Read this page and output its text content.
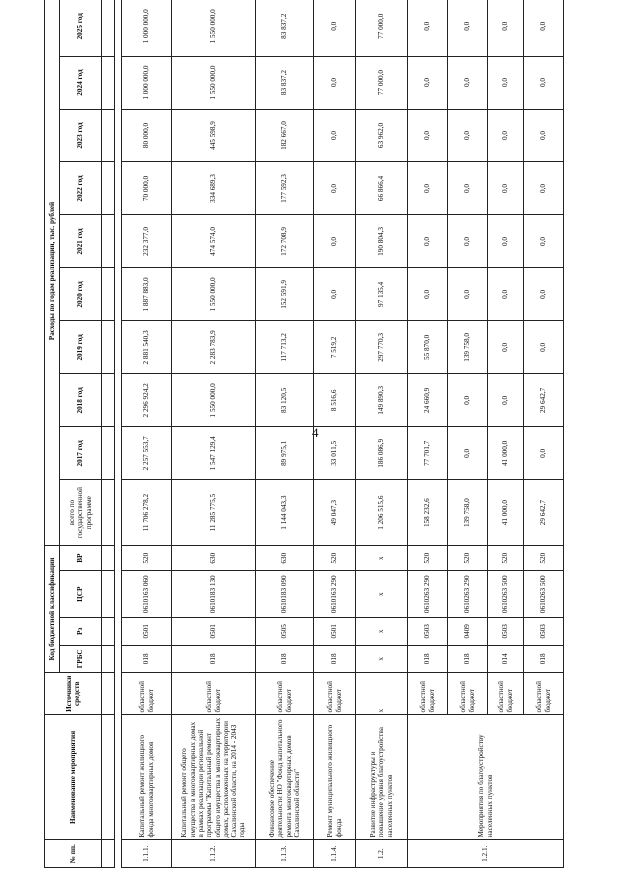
4
№ пп.	Наименование мероприятия	Источники средств	Код бюджетной классификации				Расходы по годам реализации, тыс. рублей									
			ГРБС	Рз	ЦСР	ВР	всего по государственной программе	2017 год	2018 год	2019 год	2020 год	2021 год	2022 год	2023 год	2024 год	2025 год

1.1.1.	Капитальный ремонт жилищного фонда многоквартирных домов	областной бюджет	018	0501	0610163 060	520	11 706 278,2	2 257 553,7	2 296 924,2	2 881 540,3	1 887 883,0	232 377,0	70 000,0	80 000,0	1 000 000,0	1 000 000,0
1.1.2.	Капитальный ремонт общего имущества в многоквартирных домах в рамках реализации региональной программы "Капитальный ремонт общего имущества в многоквартирных домах, расположенных на территории Сахалинской области, на 2014 - 2043 годы	областной бюджет	018	0501	0610183 130	630	11 285 775,5	1 547 129,4	1 550 000,0	2 283 783,9	1 550 000,0	474 574,0	334 689,3	445 598,9	1 550 000,0	1 550 000,0
1.1.3.	Финансовое обеспечение деятельности НО "Фонд капитального ремонта многоквартирных домов Сахалинской области"	областной бюджет	018	0505	0610183 090	630	1 144 043,3	89 975,1	83 120,5	117 713,2	152 591,9	172 708,9	177 592,3	182 667,0	83 837,2	83 837,2
1.1.4.	Ремонт муниципального жилищного фонда	областной бюджет	018	0501	0610163 290	520	49 047,3	33 011,5	8 516,6	7 519,2	0,0	0,0	0,0	0,0	0,0	0,0
1.2.	Развитие инфраструктуры и повышение уровня благоустройства населенных пунктов	x	x	x	x	x	1 206 515,6	186 086,9	149 890,3	297 770,3	97 135,4	190 804,3	66 866,4	63 962,0	77 000,0	77 000,0
1.2.1.	Мероприятия по благоустройству населенных пунктов	областной бюджет	018	0503	0610263 290	520	158 232,6	77 701,7	24 660,9	55 870,0	0,0	0,0	0,0	0,0	0,0	0,0
		областной бюджет	018	0409	0610263 290	520	139 758,0	0,0	0,0	139 758,0	0,0	0,0	0,0	0,0	0,0	0,0
		областной бюджет	014	0503	0610263 500	520	41 000,0	41 000,0	0,0	0,0	0,0	0,0	0,0	0,0	0,0	0,0
		областной бюджет	018	0503	0610263 500	520	29 642,7	0,0	29 642,7	0,0	0,0	0,0	0,0	0,0	0,0	0,0
